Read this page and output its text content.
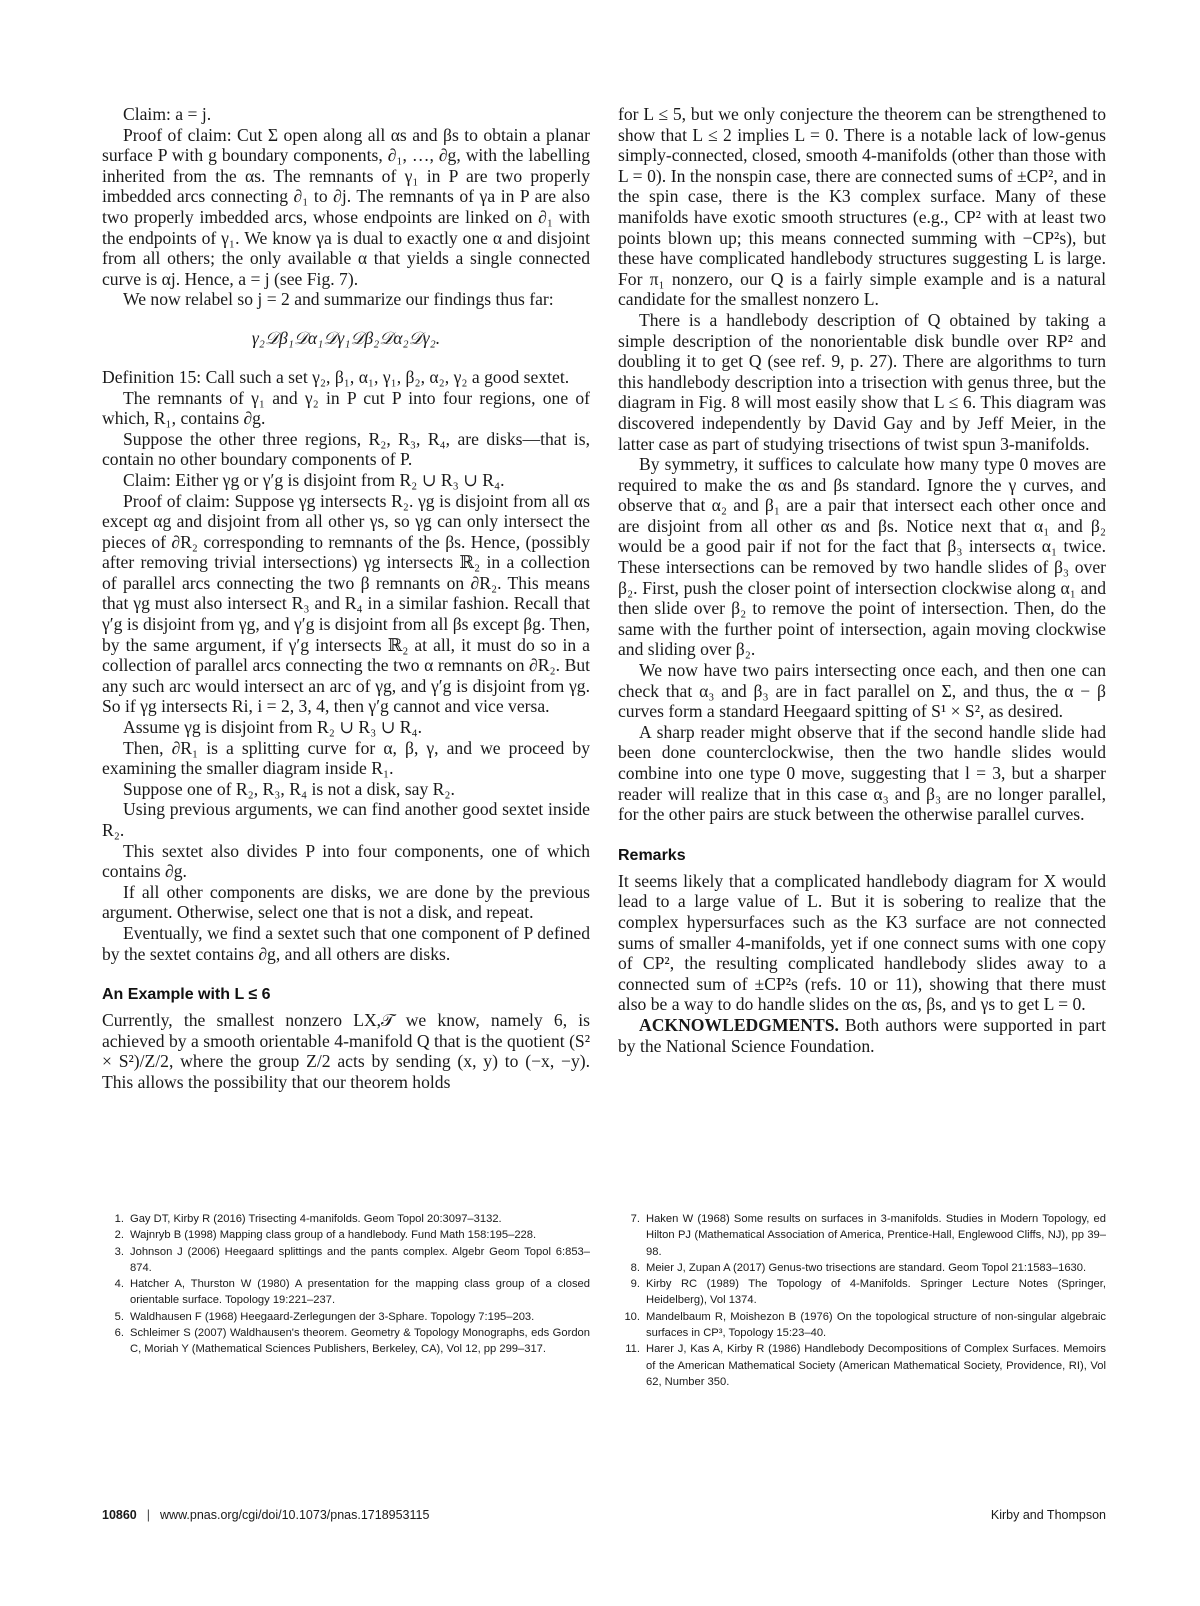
Claim: a = j.

Proof of claim: Cut Σ open along all αs and βs to obtain a planar surface P with g boundary components, ∂₁, …, ∂g, with the labelling inherited from the αs. The remnants of γ₁ in P are two properly imbedded arcs connecting ∂₁ to ∂j. The remnants of γa in P are also two properly imbedded arcs, whose endpoints are linked on ∂₁ with the endpoints of γ₁. We know γa is dual to exactly one α and disjoint from all others; the only available α that yields a single connected curve is αj. Hence, a = j (see Fig. 7).

We now relabel so j = 2 and summarize our findings thus far:

γ₂𝒟β₁𝒟α₁𝒟γ₁𝒟β₂𝒟α₂𝒟γ₂.

Definition 15: Call such a set γ₂, β₁, α₁, γ₁, β₂, α₂, γ₂ a good sextet.

The remnants of γ₁ and γ₂ in P cut P into four regions, one of which, R₁, contains ∂g.

Suppose the other three regions, R₂, R₃, R₄, are disks—that is, contain no other boundary components of P.

Claim: Either γg or γ′g is disjoint from R₂ ∪ R₃ ∪ R₄.

Proof of claim: Suppose γg intersects R₂. γg is disjoint from all αs except αg and disjoint from all other γs, so γg can only intersect the pieces of ∂R₂ corresponding to remnants of the βs. Hence, (possibly after removing trivial intersections) γg intersects ℝ₂ in a collection of parallel arcs connecting the two β remnants on ∂R₂. This means that γg must also intersect R₃ and R₄ in a similar fashion. Recall that γ′g is disjoint from γg, and γ′g is disjoint from all βs except βg. Then, by the same argument, if γ′g intersects ℝ₂ at all, it must do so in a collection of parallel arcs connecting the two α remnants on ∂R₂. But any such arc would intersect an arc of γg, and γ′g is disjoint from γg. So if γg intersects Ri, i = 2, 3, 4, then γ′g cannot and vice versa.

Assume γg is disjoint from R₂ ∪ R₃ ∪ R₄.

Then, ∂R₁ is a splitting curve for α, β, γ, and we proceed by examining the smaller diagram inside R₁.

Suppose one of R₂, R₃, R₄ is not a disk, say R₂.

Using previous arguments, we can find another good sextet inside R₂.

This sextet also divides P into four components, one of which contains ∂g.

If all other components are disks, we are done by the previous argument. Otherwise, select one that is not a disk, and repeat.

Eventually, we find a sextet such that one component of P defined by the sextet contains ∂g, and all others are disks.

An Example with L ≤ 6

Currently, the smallest nonzero LX,𝒯 we know, namely 6, is achieved by a smooth orientable 4-manifold Q that is the quotient (S² × S²)/Z/2, where the group Z/2 acts by sending (x, y) to (−x, −y). This allows the possibility that our theorem holds

for L ≤ 5, but we only conjecture the theorem can be strengthened to show that L ≤ 2 implies L = 0. There is a notable lack of low-genus simply-connected, closed, smooth 4-manifolds (other than those with L = 0). In the nonspin case, there are connected sums of ±CP², and in the spin case, there is the K3 complex surface. Many of these manifolds have exotic smooth structures (e.g., CP² with at least two points blown up; this means connected summing with −CP²s), but these have complicated handlebody structures suggesting L is large. For π₁ nonzero, our Q is a fairly simple example and is a natural candidate for the smallest nonzero L.

There is a handlebody description of Q obtained by taking a simple description of the nonorientable disk bundle over RP² and doubling it to get Q (see ref. 9, p. 27). There are algorithms to turn this handlebody description into a trisection with genus three, but the diagram in Fig. 8 will most easily show that L ≤ 6. This diagram was discovered independently by David Gay and by Jeff Meier, in the latter case as part of studying trisections of twist spun 3-manifolds.

By symmetry, it suffices to calculate how many type 0 moves are required to make the αs and βs standard. Ignore the γ curves, and observe that α₂ and β₁ are a pair that intersect each other once and are disjoint from all other αs and βs. Notice next that α₁ and β₂ would be a good pair if not for the fact that β₃ intersects α₁ twice. These intersections can be removed by two handle slides of β₃ over β₂. First, push the closer point of intersection clockwise along α₁ and then slide over β₂ to remove the point of intersection. Then, do the same with the further point of intersection, again moving clockwise and sliding over β₂.

We now have two pairs intersecting once each, and then one can check that α₃ and β₃ are in fact parallel on Σ, and thus, the α − β curves form a standard Heegaard spitting of S¹ × S², as desired.

A sharp reader might observe that if the second handle slide had been done counterclockwise, then the two handle slides would combine into one type 0 move, suggesting that l = 3, but a sharper reader will realize that in this case α₃ and β₃ are no longer parallel, for the other pairs are stuck between the otherwise parallel curves.

Remarks

It seems likely that a complicated handlebody diagram for X would lead to a large value of L. But it is sobering to realize that the complex hypersurfaces such as the K3 surface are not connected sums of smaller 4-manifolds, yet if one connect sums with one copy of CP², the resulting complicated handlebody slides away to a connected sum of ±CP²s (refs. 10 or 11), showing that there must also be a way to do handle slides on the αs, βs, and γs to get L = 0.

ACKNOWLEDGMENTS. Both authors were supported in part by the National Science Foundation.

1. Gay DT, Kirby R (2016) Trisecting 4-manifolds. Geom Topol 20:3097–3132.
2. Wajnryb B (1998) Mapping class group of a handlebody. Fund Math 158:195–228.
3. Johnson J (2006) Heegaard splittings and the pants complex. Algebr Geom Topol 6:853–874.
4. Hatcher A, Thurston W (1980) A presentation for the mapping class group of a closed orientable surface. Topology 19:221–237.
5. Waldhausen F (1968) Heegaard-Zerlegungen der 3-Sphare. Topology 7:195–203.
6. Schleimer S (2007) Waldhausen's theorem. Geometry & Topology Monographs, eds Gordon C, Moriah Y (Mathematical Sciences Publishers, Berkeley, CA), Vol 12, pp 299–317.
7. Haken W (1968) Some results on surfaces in 3-manifolds. Studies in Modern Topology, ed Hilton PJ (Mathematical Association of America, Prentice-Hall, Englewood Cliffs, NJ), pp 39–98.
8. Meier J, Zupan A (2017) Genus-two trisections are standard. Geom Topol 21:1583–1630.
9. Kirby RC (1989) The Topology of 4-Manifolds. Springer Lecture Notes (Springer, Heidelberg), Vol 1374.
10. Mandelbaum R, Moishezon B (1976) On the topological structure of non-singular algebraic surfaces in CP³, Topology 15:23–40.
11. Harer J, Kas A, Kirby R (1986) Handlebody Decompositions of Complex Surfaces. Memoirs of the American Mathematical Society (American Mathematical Society, Providence, RI), Vol 62, Number 350.
10860 | www.pnas.org/cgi/doi/10.1073/pnas.1718953115	Kirby and Thompson
